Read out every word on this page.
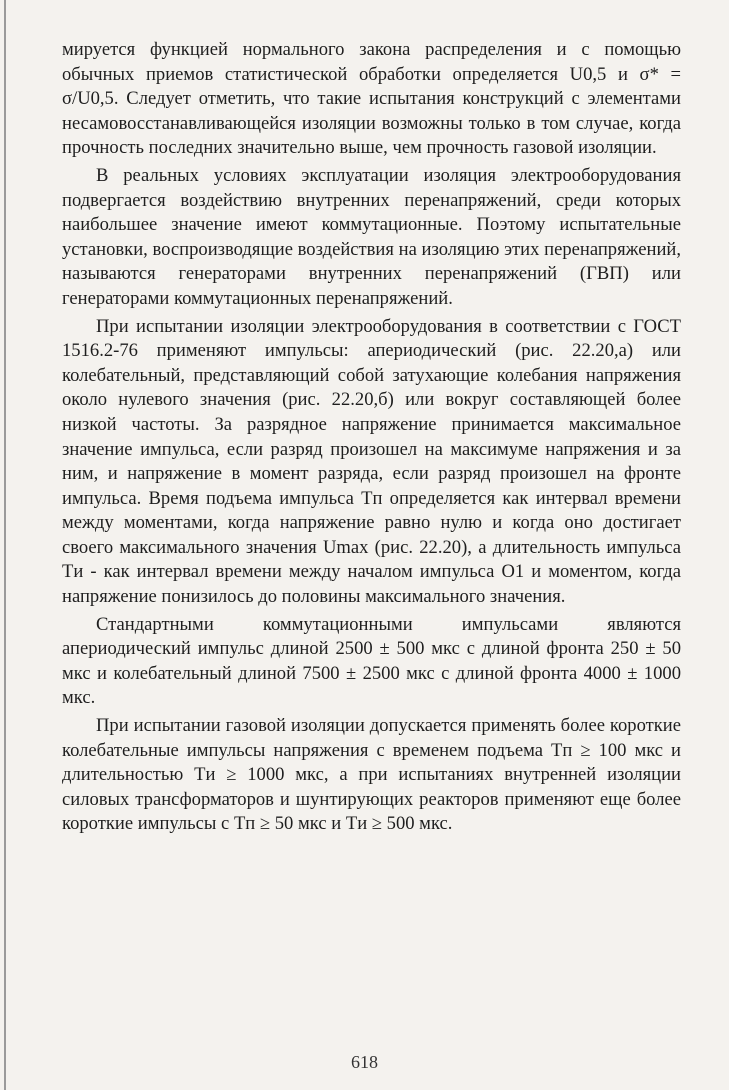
мируется функцией нормального закона распределения и с помощью обычных приемов статистической обработки определяется U0,5 и σ* = σ/U0,5. Следует отметить, что такие испытания конструкций с элементами несамовосстанавливающейся изоляции возможны только в том случае, когда прочность последних значительно выше, чем прочность газовой изоляции.

В реальных условиях эксплуатации изоляция электрооборудования подвергается воздействию внутренних перенапряжений, среди которых наибольшее значение имеют коммутационные. Поэтому испытательные установки, воспроизводящие воздействия на изоляцию этих перенапряжений, называются генераторами внутренних перенапряжений (ГВП) или генераторами коммутационных перенапряжений.

При испытании изоляции электрооборудования в соответствии с ГОСТ 1516.2-76 применяют импульсы: апериодический (рис. 22.20,а) или колебательный, представляющий собой затухающие колебания напряжения около нулевого значения (рис. 22.20,б) или вокруг составляющей более низкой частоты. За разрядное напряжение принимается максимальное значение импульса, если разряд произошел на максимуме напряжения и за ним, и напряжение в момент разряда, если разряд произошел на фронте импульса. Время подъема импульса Tп определяется как интервал времени между моментами, когда напряжение равно нулю и когда оно достигает своего максимального значения Umax (рис. 22.20), а длительность импульса Tи - как интервал времени между началом импульса O1 и моментом, когда напряжение понизилось до половины максимального значения.

Стандартными коммутационными импульсами являются апериодический импульс длиной 2500 ± 500 мкс с длиной фронта 250 ± 50 мкс и колебательный длиной 7500 ± 2500 мкс с длиной фронта 4000 ± 1000 мкс.

При испытании газовой изоляции допускается применять более короткие колебательные импульсы напряжения с временем подъема Tп ≥ 100 мкс и длительностью Tи ≥ 1000 мкс, а при испытаниях внутренней изоляции силовых трансформаторов и шунтирующих реакторов применяют еще более короткие импульсы с Tп ≥ 50 мкс и Tи ≥ 500 мкс.

618
